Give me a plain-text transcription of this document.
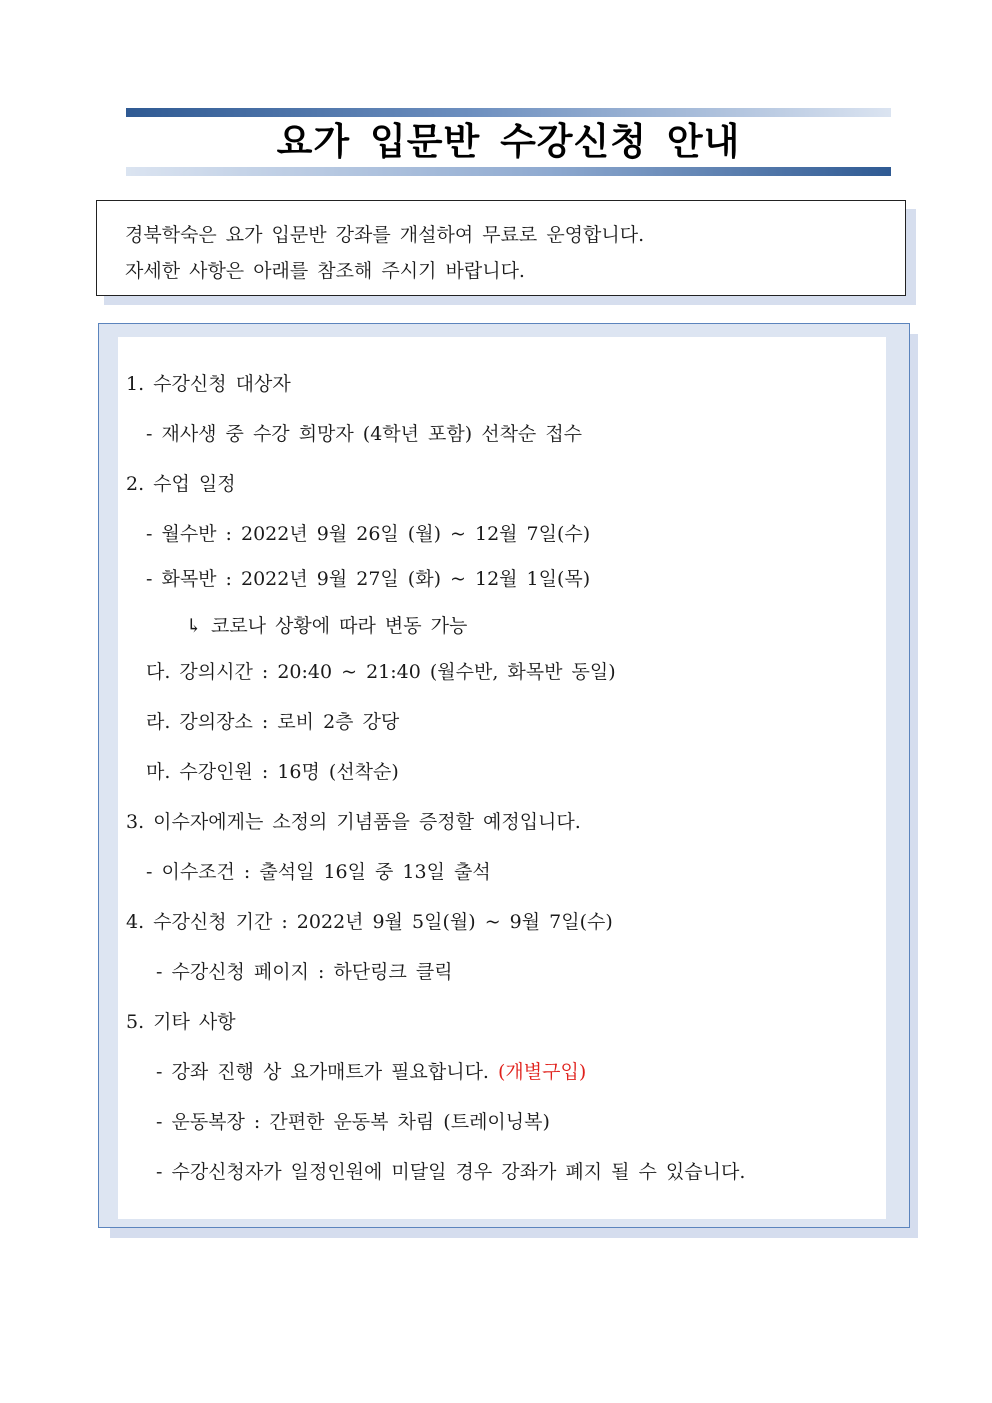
요가 입문반 수강신청 안내
경북학숙은 요가 입문반 강좌를 개설하여 무료로 운영합니다.
자세한 사항은 아래를 참조해 주시기 바랍니다.
1. 수강신청 대상자
- 재사생 중 수강 희망자 (4학년 포함) 선착순 접수
2. 수업 일정
- 월수반 : 2022년 9월 26일 (월) ~ 12월 7일(수)
- 화목반 : 2022년 9월 27일 (화) ~ 12월 1일(목)
↳ 코로나 상황에 따라 변동 가능
다. 강의시간 : 20:40 ~ 21:40 (월수반, 화목반 동일)
라. 강의장소 : 로비 2층 강당
마. 수강인원 : 16명 (선착순)
3. 이수자에게는 소정의 기념품을 증정할 예정입니다.
- 이수조건 : 출석일 16일 중 13일 출석
4. 수강신청 기간 : 2022년 9월 5일(월) ~ 9월 7일(수)
- 수강신청 페이지 : 하단링크 클릭
5. 기타 사항
- 강좌 진행 상 요가매트가 필요합니다. (개별구입)
- 운동복장 : 간편한 운동복 차림 (트레이닝복)
- 수강신청자가 일정인원에 미달일 경우 강좌가 폐지 될 수 있습니다.
